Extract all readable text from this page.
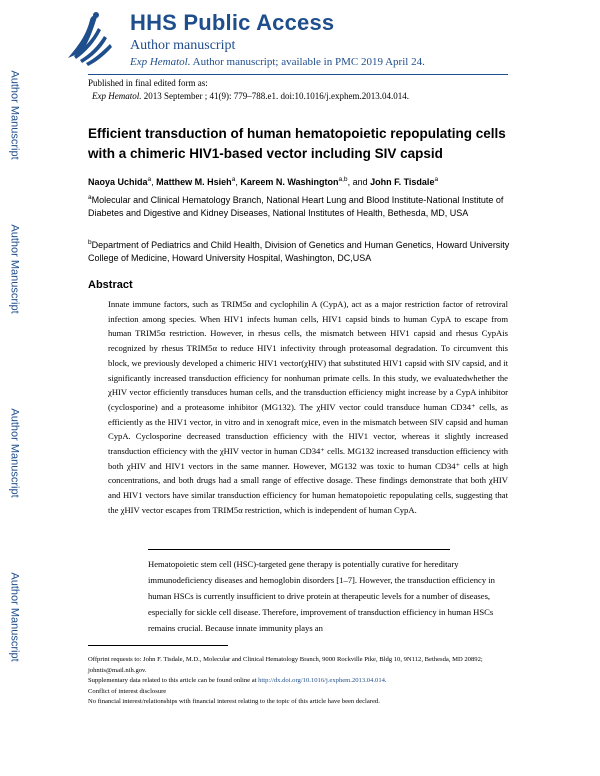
HHS Public Access
Author manuscript
Exp Hematol. Author manuscript; available in PMC 2019 April 24.
Published in final edited form as:
Exp Hematol. 2013 September ; 41(9): 779–788.e1. doi:10.1016/j.exphem.2013.04.014.
Author Manuscript
Author Manuscript
Author Manuscript
Author Manuscript
Efficient transduction of human hematopoietic repopulating cells with a chimeric HIV1-based vector including SIV capsid
Naoya Uchida$^a$, Matthew M. Hsieh$^a$, Kareem N. Washington$^{a,b}$, and John F. Tisdale$^a$
$^a$Molecular and Clinical Hematology Branch, National Heart Lung and Blood Institute-National Institute of Diabetes and Digestive and Kidney Diseases, National Institutes of Health, Bethesda, MD, USA
$^b$Department of Pediatrics and Child Health, Division of Genetics and Human Genetics, Howard University College of Medicine, Howard University Hospital, Washington, DC,USA
Abstract
Innate immune factors, such as TRIM5α and cyclophilin A (CypA), act as a major restriction factor of retroviral infection among species. When HIV1 infects human cells, HIV1 capsid binds to human CypA to escape from human TRIM5α restriction. However, in rhesus cells, the mismatch between HIV1 capsid and rhesus CypAis recognized by rhesus TRIM5α to reduce HIV1 infectivity through proteasomal degradation. To circumvent this block, we previously developed a chimeric HIV1 vector(χHIV) that substituted HIV1 capsid with SIV capsid, and it significantly increased transduction efficiency for nonhuman primate cells. In this study, we evaluatedwhether the χHIV vector efficiently transduces human cells, and the transduction efficiency might increase by a CypA inhibitor (cyclosporine) and a proteasome inhibitor (MG132). The χHIV vector could transduce human CD34⁺ cells, as efficiently as the HIV1 vector, in vitro and in xenograft mice, even in the mismatch between SIV capsid and human CypA. Cyclosporine decreased transduction efficiency with the HIV1 vector, whereas it slightly increased transduction efficiency with the χHIV vector in human CD34⁺ cells. MG132 increased transduction efficiency with both χHIV and HIV1 vectors in the same manner. However, MG132 was toxic to human CD34⁺ cells at high concentrations, and both drugs had a small range of effective dosage. These findings demonstrate that both χHIV and HIV1 vectors have similar transduction efficiency for human hematopoietic repopulating cells, suggesting that the χHIV vector escapes from TRIM5α restriction, which is independent of human CypA.
Hematopoietic stem cell (HSC)-targeted gene therapy is potentially curative for hereditary immunodeficiency diseases and hemoglobin disorders [1–7]. However, the transduction efficiency in human HSCs is currently insufficient to drive protein at therapeutic levels for a number of diseases, especially for sickle cell disease. Therefore, improvement of transduction efficiency in human HSCs remains crucial. Because innate immunity plays an
Offprint requests to: John F. Tisdale, M.D., Molecular and Clinical Hematology Branch, 9000 Rockville Pike, Bldg 10, 9N112, Bethesda, MD 20892; johntis@mail.nih.gov.
Supplementary data related to this article can be found online at http://dx.doi.org/10.1016/j.exphem.2013.04.014.
Conflict of interest disclosure
No financial interest/relationships with financial interest relating to the topic of this article have been declared.
